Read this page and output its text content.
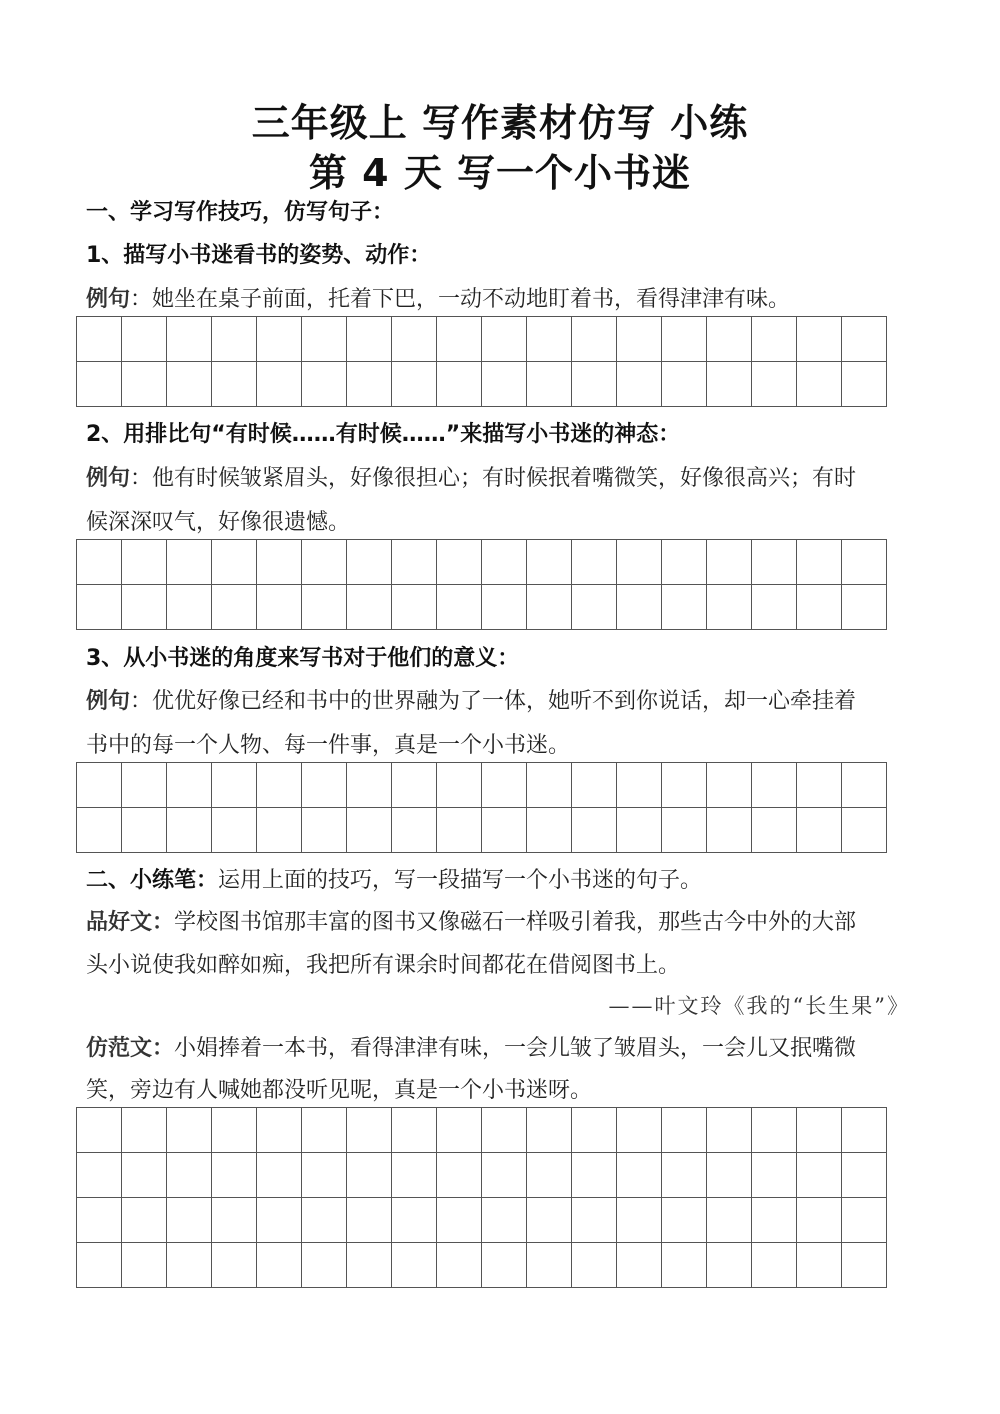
三年级上 写作素材仿写 小练
第 4 天 写一个小书迷
一、学习写作技巧，仿写句子：
1、描写小书迷看书的姿势、动作：
例句：她坐在桌子前面，托着下巴，一动不动地盯着书，看得津津有味。

2、用排比句“有时候……有时候……”来描写小书迷的神态：
例句：他有时候皱紧眉头，好像很担心；有时候抿着嘴微笑，好像很高兴；有时
候深深叹气，好像很遗憾。

3、从小书迷的角度来写书对于他们的意义：
例句：优优好像已经和书中的世界融为了一体，她听不到你说话，却一心牵挂着
书中的每一个人物、每一件事，真是一个小书迷。

二、小练笔：运用上面的技巧，写一段描写一个小书迷的句子。
品好文：学校图书馆那丰富的图书又像磁石一样吸引着我，那些古今中外的大部
头小说使我如醉如痴，我把所有课余时间都花在借阅图书上。
——叶文玲《我的“长生果”》
仿范文：小娟捧着一本书，看得津津有味，一会儿皱了皱眉头，一会儿又抿嘴微
笑，旁边有人喊她都没听见呢，真是一个小书迷呀。
